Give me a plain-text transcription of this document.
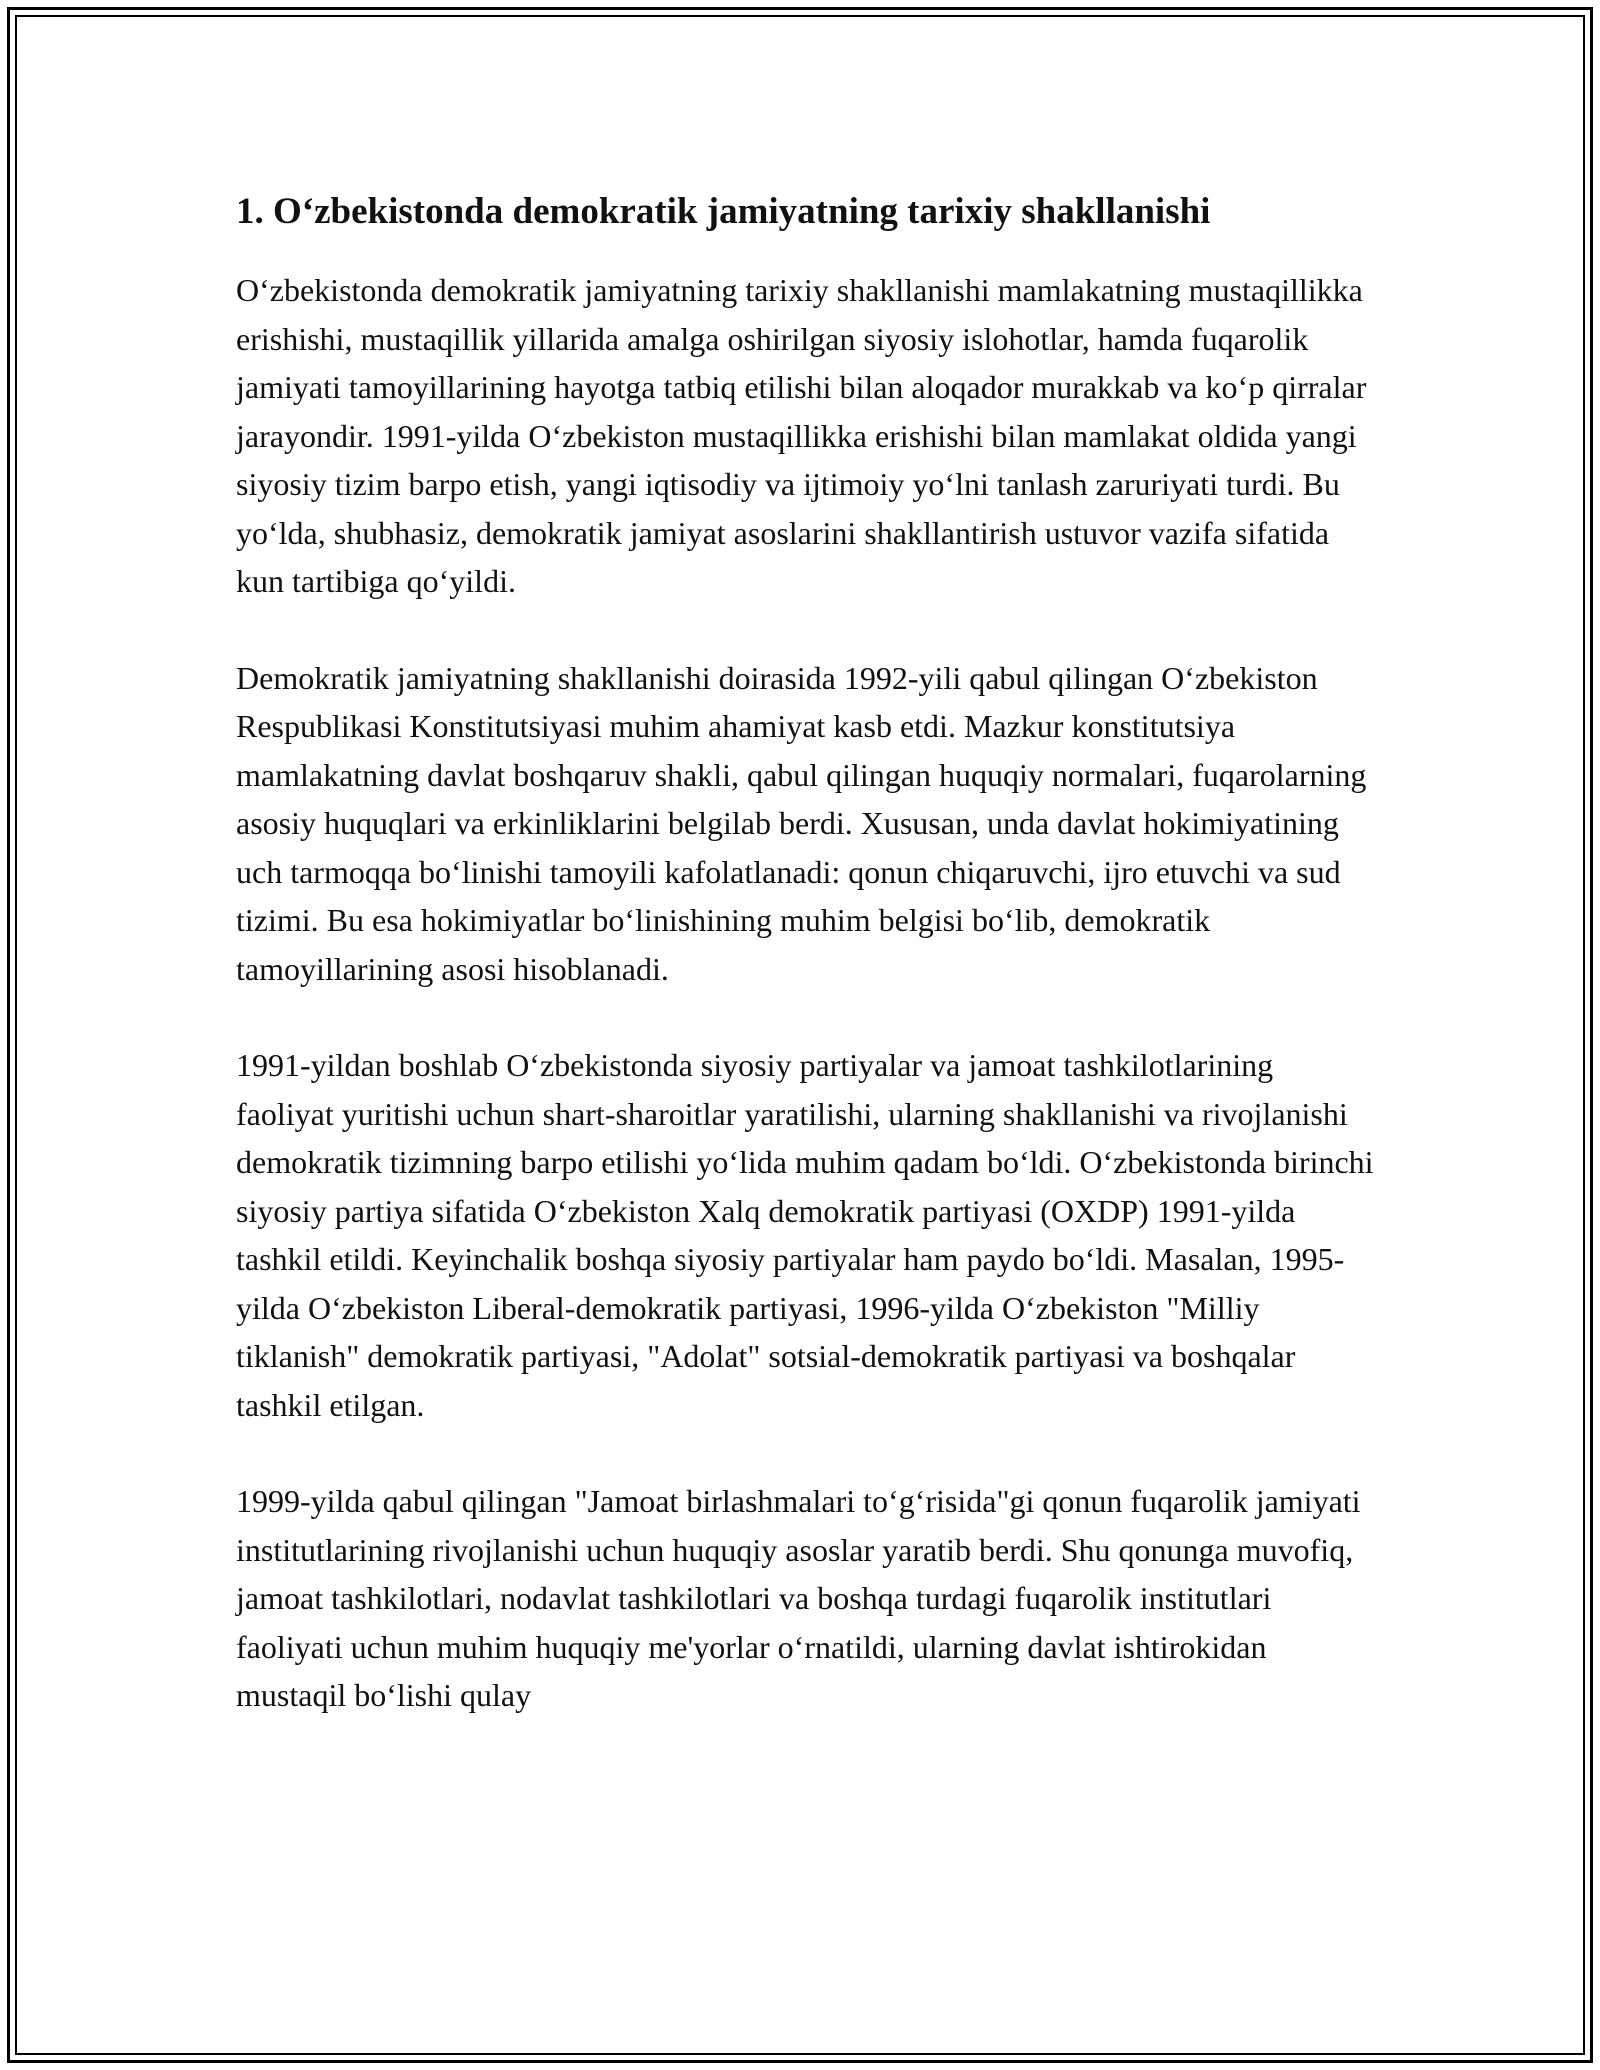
1. O‘zbekistonda demokratik jamiyatning tarixiy shakllanishi

O‘zbekistonda demokratik jamiyatning tarixiy shakllanishi mamlakatning mustaqillikka erishishi, mustaqillik yillarida amalga oshirilgan siyosiy islohotlar, hamda fuqarolik jamiyati tamoyillarining hayotga tatbiq etilishi bilan aloqador murakkab va ko‘p qirralar jarayondir. 1991-yilda O‘zbekiston mustaqillikka erishishi bilan mamlakat oldida yangi siyosiy tizim barpo etish, yangi iqtisodiy va ijtimoiy yo‘lni tanlash zaruriyati turdi. Bu yo‘lda, shubhasiz, demokratik jamiyat asoslarini shakllantirish ustuvor vazifa sifatida kun tartibiga qo‘yildi.

Demokratik jamiyatning shakllanishi doirasida 1992-yili qabul qilingan O‘zbekiston Respublikasi Konstitutsiyasi muhim ahamiyat kasb etdi. Mazkur konstitutsiya mamlakatning davlat boshqaruv shakli, qabul qilingan huquqiy normalari, fuqarolarning asosiy huquqlari va erkinliklarini belgilab berdi. Xususan, unda davlat hokimiyatining uch tarmoqqa bo‘linishi tamoyili kafolatlanadi: qonun chiqaruvchi, ijro etuvchi va sud tizimi. Bu esa hokimiyatlar bo‘linishining muhim belgisi bo‘lib, demokratik tamoyillarining asosi hisoblanadi.

1991-yildan boshlab O‘zbekistonda siyosiy partiyalar va jamoat tashkilotlarining faoliyat yuritishi uchun shart-sharoitlar yaratilishi, ularning shakllanishi va rivojlanishi demokratik tizimning barpo etilishi yo‘lida muhim qadam bo‘ldi. O‘zbekistonda birinchi siyosiy partiya sifatida O‘zbekiston Xalq demokratik partiyasi (OXDP) 1991-yilda tashkil etildi. Keyinchalik boshqa siyosiy partiyalar ham paydo bo‘ldi. Masalan, 1995-yilda O‘zbekiston Liberal-demokratik partiyasi, 1996-yilda O‘zbekiston "Milliy tiklanish" demokratik partiyasi, "Adolat" sotsial-demokratik partiyasi va boshqalar tashkil etilgan.

1999-yilda qabul qilingan "Jamoat birlashmalari to‘g‘risida"gi qonun fuqarolik jamiyati institutlarining rivojlanishi uchun huquqiy asoslar yaratib berdi. Shu qonunga muvofiq, jamoat tashkilotlari, nodavlat tashkilotlari va boshqa turdagi fuqarolik institutlari faoliyati uchun muhim huquqiy me'yorlar o‘rnatildi, ularning davlat ishtirokidan mustaqil bo‘lishi qulay
